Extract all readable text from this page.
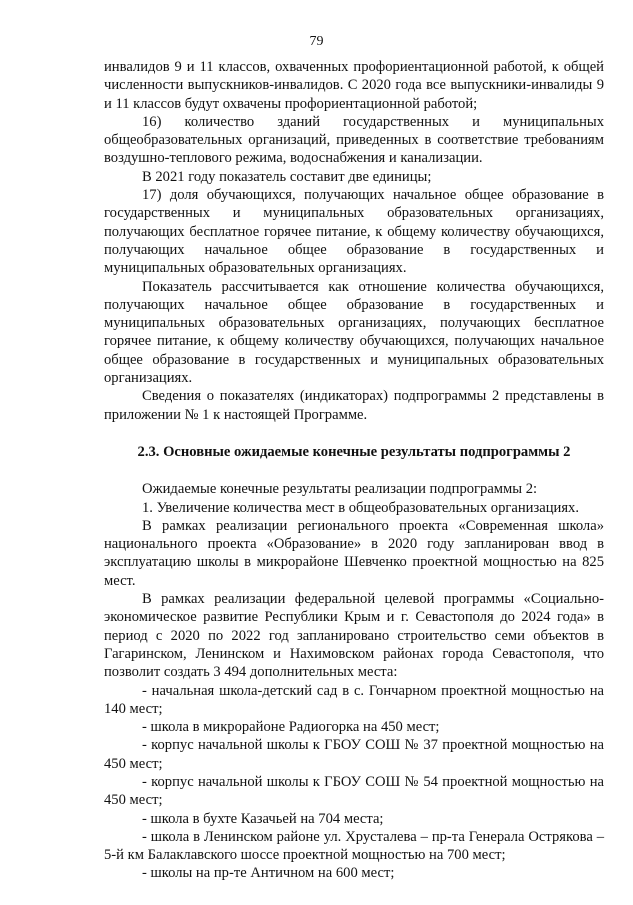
79

инвалидов 9 и 11 классов, охваченных профориентационной работой, к общей численности выпускников-инвалидов. С 2020 года все выпускники-инвалиды 9 и 11 классов будут охвачены профориентационной работой;

16) количество зданий государственных и муниципальных общеобразовательных организаций, приведенных в соответствие требованиям воздушно-теплового режима, водоснабжения и канализации.

В 2021 году показатель составит две единицы;

17) доля обучающихся, получающих начальное общее образование в государственных и муниципальных образовательных организациях, получающих бесплатное горячее питание, к общему количеству обучающихся, получающих начальное общее образование в государственных и муниципальных образовательных организациях.

Показатель рассчитывается как отношение количества обучающихся, получающих начальное общее образование в государственных и муниципальных образовательных организациях, получающих бесплатное горячее питание, к общему количеству обучающихся, получающих начальное общее образование в государственных и муниципальных образовательных организациях.

Сведения о показателях (индикаторах) подпрограммы 2 представлены в приложении № 1 к настоящей Программе.

2.3. Основные ожидаемые конечные результаты подпрограммы 2

Ожидаемые конечные результаты реализации подпрограммы 2:

1. Увеличение количества мест в общеобразовательных организациях.

В рамках реализации регионального проекта «Современная школа» национального проекта «Образование» в 2020 году запланирован ввод в эксплуатацию школы в микрорайоне Шевченко проектной мощностью на 825 мест.

В рамках реализации федеральной целевой программы «Социально-экономическое развитие Республики Крым и г. Севастополя до 2024 года» в период с 2020 по 2022 год запланировано строительство семи объектов в Гагаринском, Ленинском и Нахимовском районах города Севастополя, что позволит создать 3 494 дополнительных места:

- начальная школа-детский сад в с. Гончарном проектной мощностью на 140 мест;

- школа в микрорайоне Радиогорка на 450 мест;

- корпус начальной школы к ГБОУ СОШ № 37 проектной мощностью на 450 мест;

- корпус начальной школы к ГБОУ СОШ № 54 проектной мощностью на 450 мест;

- школа в бухте Казачьей на 704 места;

- школа в Ленинском районе ул. Хрусталева – пр-та Генерала Острякова – 5-й км Балаклавского шоссе проектной мощностью на 700 мест;

- школы на пр-те Античном на 600 мест;
